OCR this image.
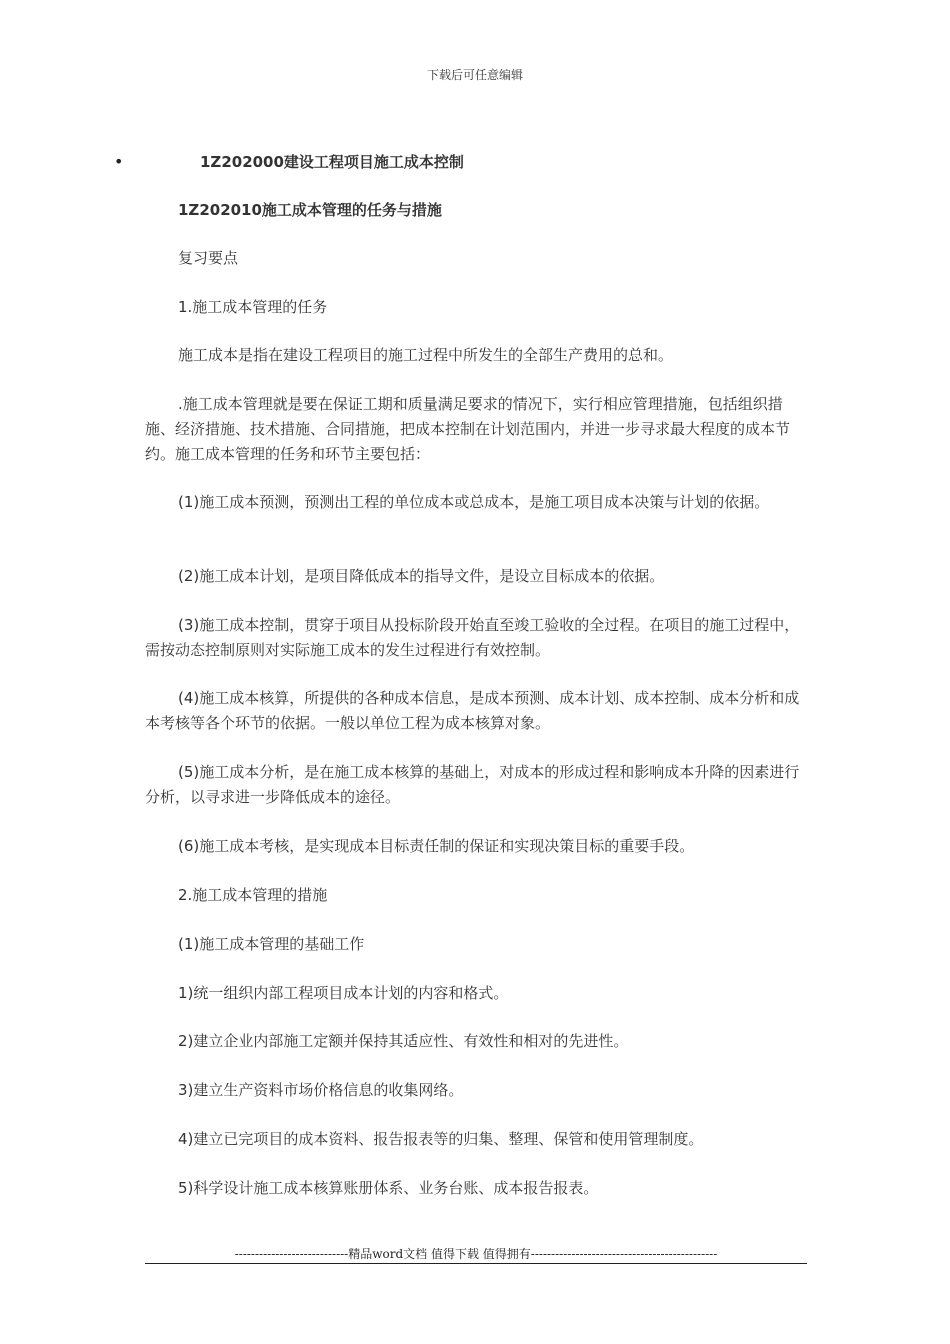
下载后可任意编辑
•	1Z202000建设工程项目施工成本控制
1Z202010施工成本管理的任务与措施
复习要点
1.施工成本管理的任务
施工成本是指在建设工程项目的施工过程中所发生的全部生产费用的总和。
.施工成本管理就是要在保证工期和质量满足要求的情况下，实行相应管理措施，包括组织措施、经济措施、技术措施、合同措施，把成本控制在计划范围内，并进一步寻求最大程度的成本节约。施工成本管理的任务和环节主要包括：
(1)施工成本预测，预测出工程的单位成本或总成本，是施工项目成本决策与计划的依据。
(2)施工成本计划，是项目降低成本的指导文件，是设立目标成本的依据。
(3)施工成本控制，贯穿于项目从投标阶段开始直至竣工验收的全过程。在项目的施工过程中，需按动态控制原则对实际施工成本的发生过程进行有效控制。
(4)施工成本核算，所提供的各种成本信息，是成本预测、成本计划、成本控制、成本分析和成本考核等各个环节的依据。一般以单位工程为成本核算对象。
(5)施工成本分析，是在施工成本核算的基础上，对成本的形成过程和影响成本升降的因素进行分析，以寻求进一步降低成本的途径。
(6)施工成本考核，是实现成本目标责任制的保证和实现决策目标的重要手段。
2.施工成本管理的措施
(1)施工成本管理的基础工作
1)统一组织内部工程项目成本计划的内容和格式。
2)建立企业内部施工定额并保持其适应性、有效性和相对的先进性。
3)建立生产资料市场价格信息的收集网络。
4)建立已完项目的成本资料、报告报表等的归集、整理、保管和使用管理制度。
5)科学设计施工成本核算账册体系、业务台账、成本报告报表。
----------------------------精品word文档 值得下载 值得拥有----------------------------------------------
